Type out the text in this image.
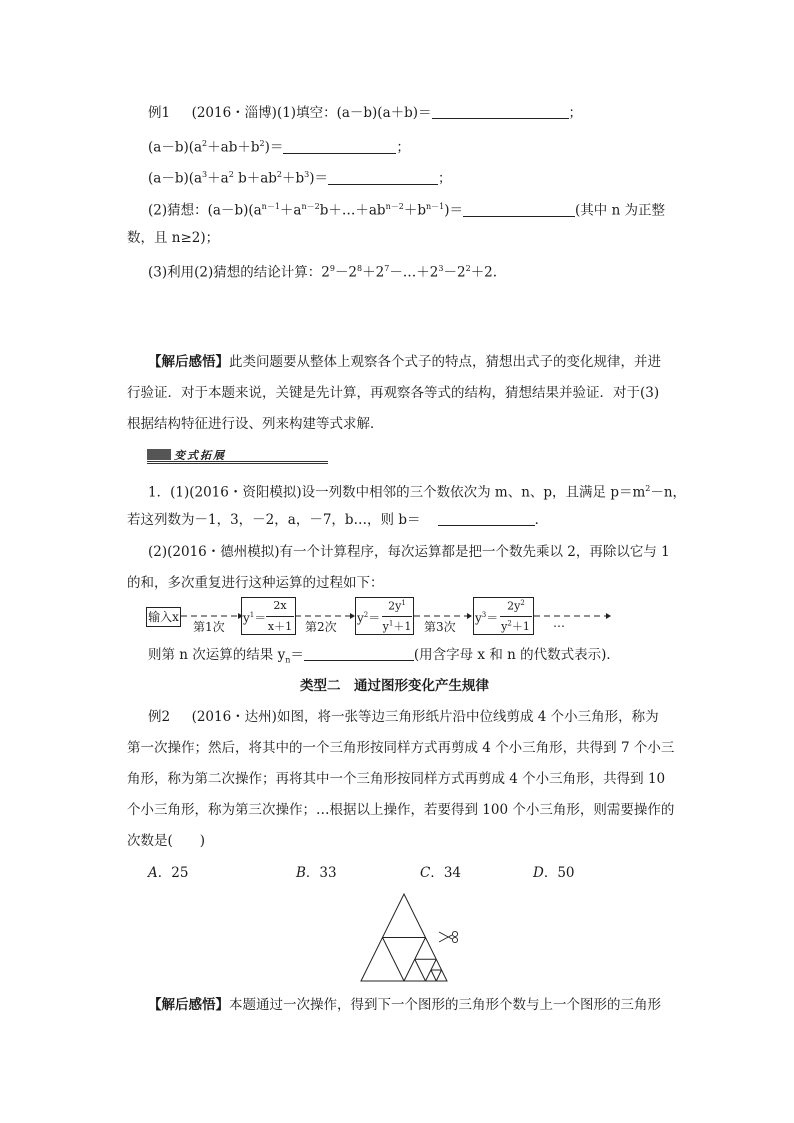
例1 (2016・淄博)(1)填空：(a－b)(a＋b)＝	；
$(a-b)(a^2+ab+b^2)=$	；
$(a-b)(a^3+a^2$ $b+ab^2+b^3)=$	；
(2)猜想：$(a-b)(a^{n-1}+a^{n-2}b+\dots+ab^{n-2}+b^{n-1})=$	(其中 n 为正整
数，且 n≥2)；
(3)利用(2)猜想的结论计算：$2^9-2^8+2^7-\dots+2^3-2^2+2$.
【解后感悟】此类问题要从整体上观察各个式子的特点，猜想出式子的变化规律，并进
行验证．对于本题来说，关键是先计算，再观察各等式的结构，猜想结果并验证．对于(3)
根据结构特征进行设、列来构建等式求解．
变式拓展
1．(1)(2016・资阳模拟)设一列数中相邻的三个数依次为 m、n、p，且满足 $p=m^2-n$，
若这列数为－1，3，－2，a，－7，b…，则 b＝	．
(2)(2016・德州模拟)有一个计算程序，每次运算都是把一个数先乘以 2，再除以它与 1
的和，多次重复进行这种运算的过程如下：
输入x
第1次	第2次	第3次	…
$y^1=$
2x
x＋1
$y^2=$
$2y^1$
$y^1+1$
$y^3=$
$2y^2$
$y^2+1$
则第 n 次运算的结果 $y_n=$	(用含字母 x 和 n 的代数式表示)．
类型二　通过图形变化产生规律
例2 (2016・达州)如图，将一张等边三角形纸片沿中位线剪成 4 个小三角形，称为
第一次操作；然后，将其中的一个三角形按同样方式再剪成 4 个小三角形，共得到 7 个小三
角形，称为第二次操作；再将其中一个三角形按同样方式再剪成 4 个小三角形，共得到 10
个小三角形，称为第三次操作；…根据以上操作，若要得到 100 个小三角形，则需要操作的
次数是(　　)
A．25	B．33	C．34	D．50
【解后感悟】本题通过一次操作，得到下一个图形的三角形个数与上一个图形的三角形
